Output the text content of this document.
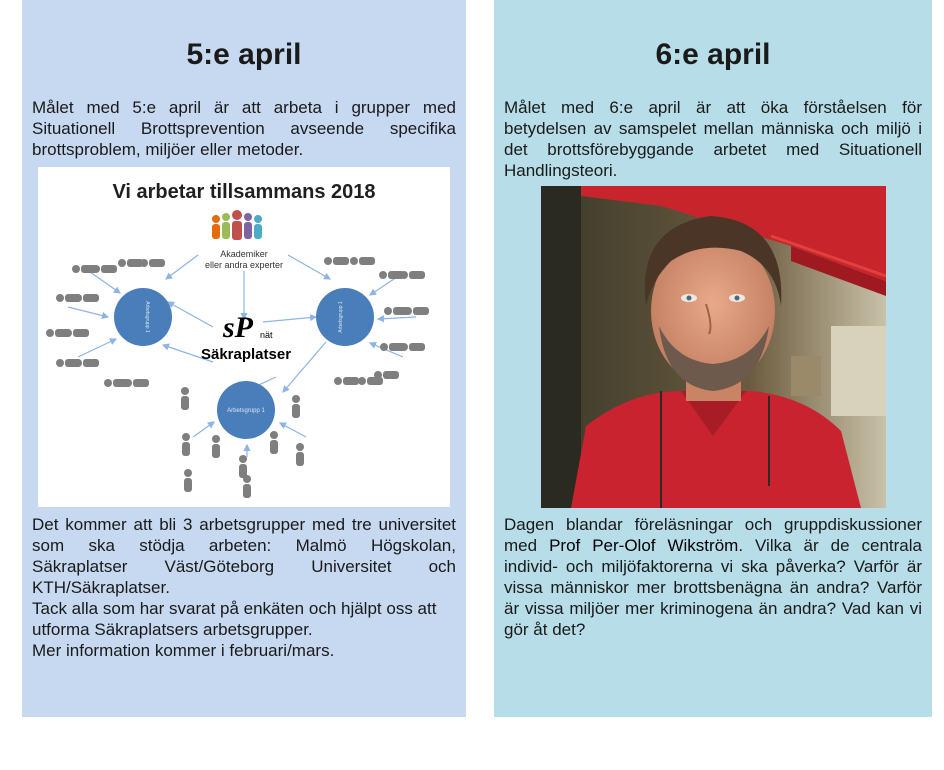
5:e april

Målet med 5:e april är att arbeta i grupper med Situationell Brottsprevention avseende specifika brottsproblem, miljöer eller metoder.

Vi arbetar tillsammans 2018
Akademiker
eller andra experter
Arbetsgrupp 1	Arbetsgrupp 1
Arbetsgrupp 1
sP nät
Säkraplatser
Det kommer att bli 3 arbetsgrupper med tre universitet som ska stödja arbeten: Malmö Högskolan, Säkraplatser Väst/Göteborg Universitet och KTH/Säkraplatser.
Tack alla som har svarat på enkäten och hjälpt oss att utforma Säkraplatsers arbetsgrupper.
Mer information kommer i februari/mars.
6:e april

Målet med 6:e april är att öka förståelsen för betydelsen av samspelet mellan människa och miljö i det brottsförebyggande arbetet med Situationell Handlingsteori.

Dagen blandar föreläsningar och gruppdiskussioner med Prof Per-Olof Wikström. Vilka är de centrala individ- och miljöfaktorerna vi ska påverka? Varför är vissa människor mer brottsbenägna än andra? Varför är vissa miljöer mer kriminogena än andra? Vad kan vi gör åt det?
